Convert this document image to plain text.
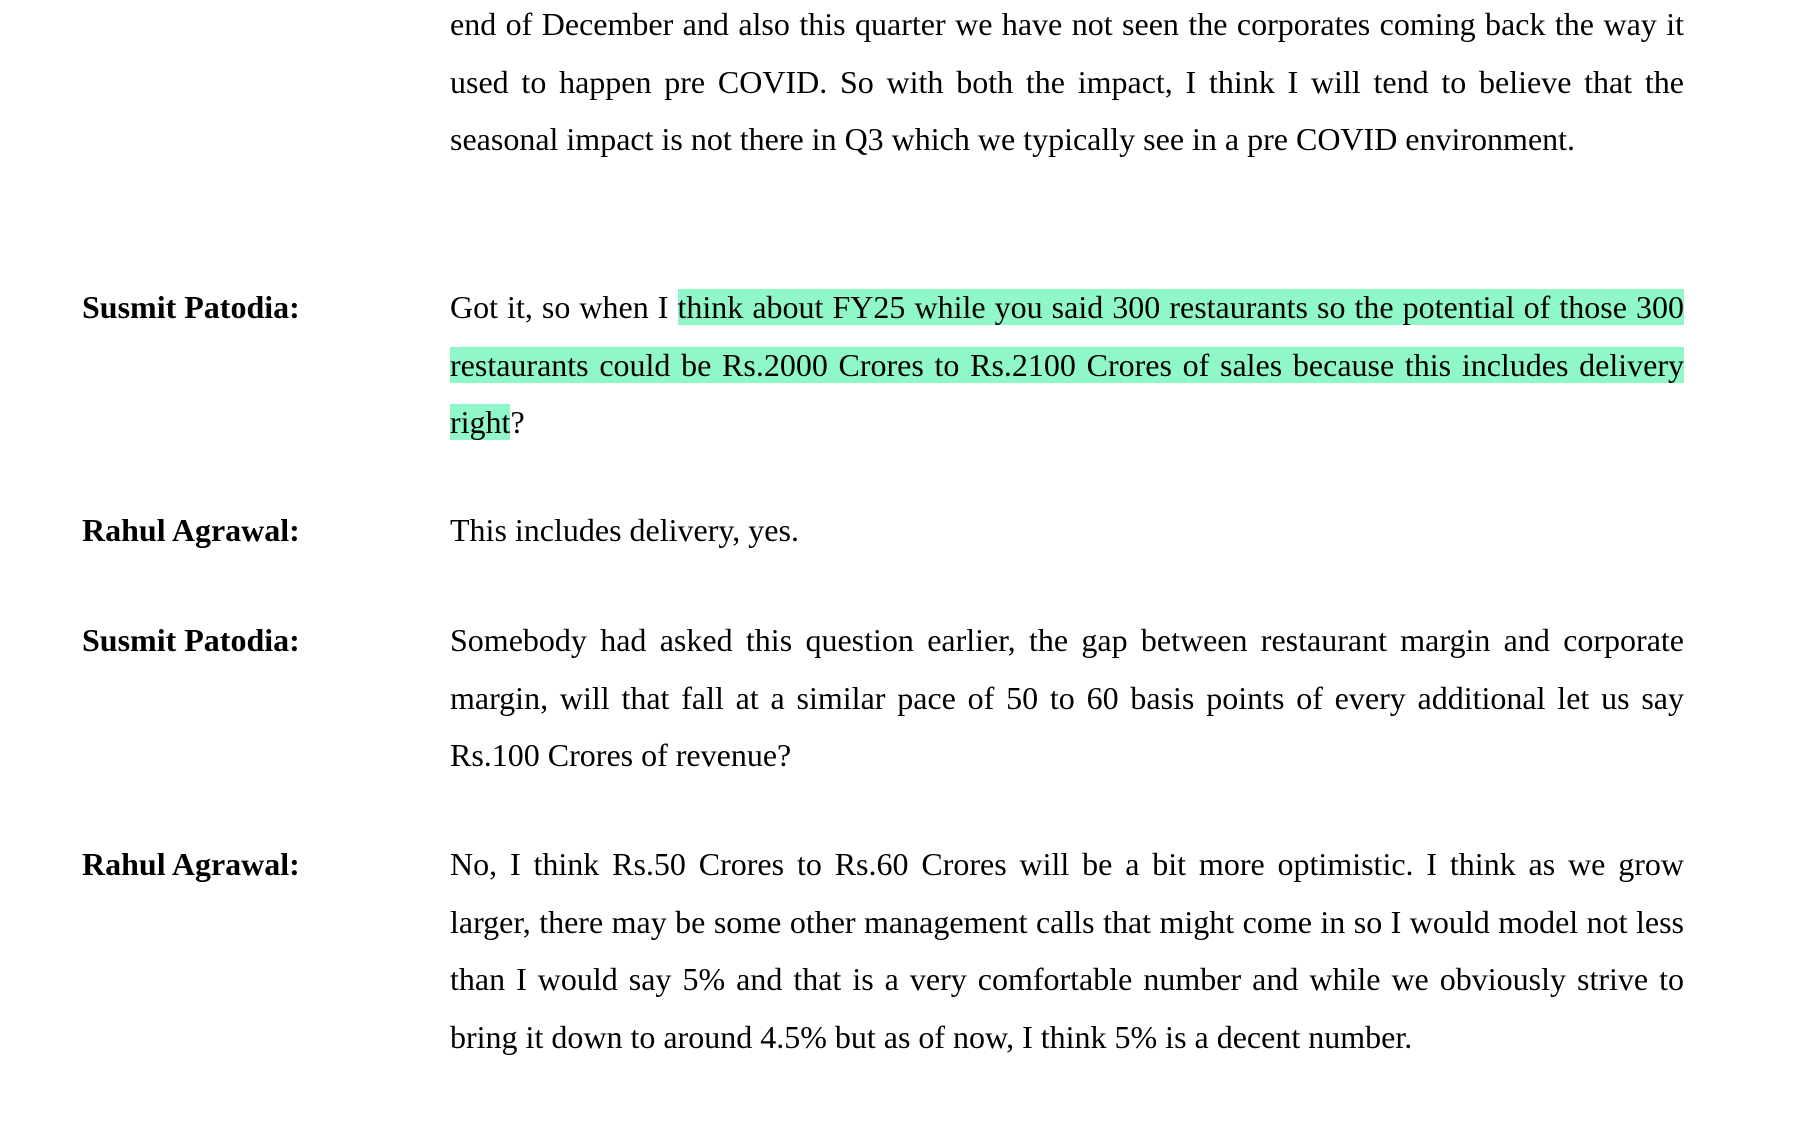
end of December and also this quarter we have not seen the corporates coming back the way it used to happen pre COVID. So with both the impact, I think I will tend to believe that the seasonal impact is not there in Q3 which we typically see in a pre COVID environment.
Susmit Patodia:	Got it, so when I think about FY25 while you said 300 restaurants so the potential of those 300 restaurants could be Rs.2000 Crores to Rs.2100 Crores of sales because this includes delivery right?
Rahul Agrawal:	This includes delivery, yes.
Susmit Patodia:	Somebody had asked this question earlier, the gap between restaurant margin and corporate margin, will that fall at a similar pace of 50 to 60 basis points of every additional let us say Rs.100 Crores of revenue?
Rahul Agrawal:	No, I think Rs.50 Crores to Rs.60 Crores will be a bit more optimistic. I think as we grow larger, there may be some other management calls that might come in so I would model not less than I would say 5% and that is a very comfortable number and while we obviously strive to bring it down to around 4.5% but as of now, I think 5% is a decent number.
